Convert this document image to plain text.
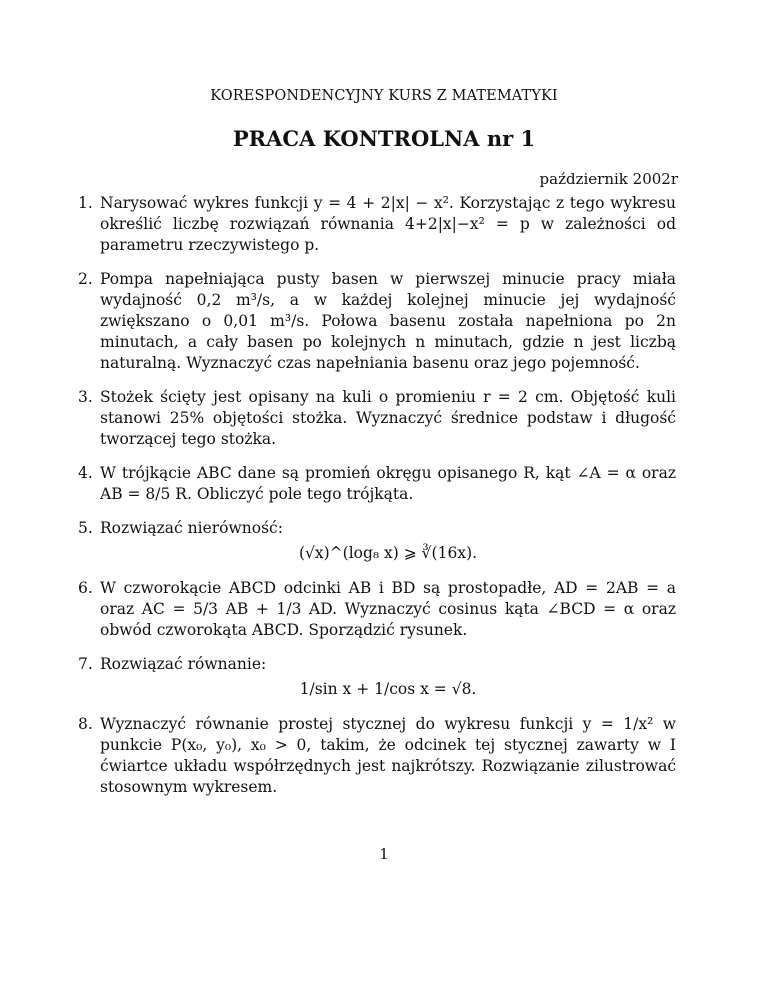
KORESPONDENCYJNY KURS Z MATEMATYKI
PRACA KONTROLNA nr 1
październik 2002r
1. Narysować wykres funkcji y = 4 + 2|x| − x². Korzystając z tego wykresu określić liczbę rozwiązań równania 4+2|x|−x² = p w zależności od parametru rzeczywistego p.
2. Pompa napełniająca pusty basen w pierwszej minucie pracy miała wydajność 0,2 m³/s, a w każdej kolejnej minucie jej wydajność zwiększano o 0,01 m³/s. Połowa basenu została napełniona po 2n minutach, a cały basen po kolejnych n minutach, gdzie n jest liczbą naturalną. Wyznaczyć czas napełniania basenu oraz jego pojemność.
3. Stożek ścięty jest opisany na kuli o promieniu r = 2 cm. Objętość kuli stanowi 25% objętości stożka. Wyznaczyć średnice podstaw i długość tworzącej tego stożka.
4. W trójkącie ABC dane są promień okręgu opisanego R, kąt ∠A = α oraz AB = 8/5 R. Obliczyć pole tego trójkąta.
5. Rozwiązać nierówność:
(√x)^(log₈ x) ⩾ ∛(16x).
6. W czworokącie ABCD odcinki AB i BD są prostopadłe, AD = 2AB = a oraz AC = 5/3 AB + 1/3 AD. Wyznaczyć cosinus kąta ∠BCD = α oraz obwód czworokąta ABCD. Sporządzić rysunek.
7. Rozwiązać równanie:
1/sin x + 1/cos x = √8.
8. Wyznaczyć równanie prostej stycznej do wykresu funkcji y = 1/x² w punkcie P(x₀, y₀), x₀ > 0, takim, że odcinek tej stycznej zawarty w I ćwiartce układu współrzędnych jest najkrótszy. Rozwiązanie zilustrować stosownym wykresem.
1
